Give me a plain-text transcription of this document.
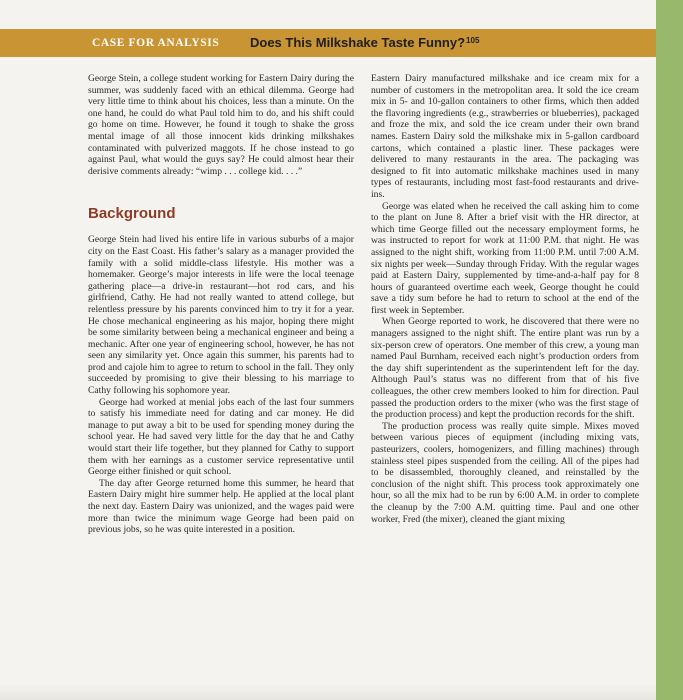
CASE FOR ANALYSIS Does This Milkshake Taste Funny?$^{105}$

George Stein, a college student working for Eastern Dairy during the summer, was suddenly faced with an ethical dilemma. George had very little time to think about his choices, less than a minute. On the one hand, he could do what Paul told him to do, and his shift could go home on time. However, he found it tough to shake the gross mental image of all those innocent kids drinking milkshakes contaminated with pulverized maggots. If he chose instead to go against Paul, what would the guys say? He could almost hear their derisive comments already: “wimp . . . college kid. . . .”

Background

George Stein had lived his entire life in various suburbs of a major city on the East Coast. His father’s salary as a manager provided the family with a solid middle-class lifestyle. His mother was a homemaker. George’s major interests in life were the local teenage gathering place—a drive-in restaurant—hot rod cars, and his girlfriend, Cathy. He had not really wanted to attend college, but relentless pressure by his parents convinced him to try it for a year. He chose mechanical engineering as his major, hoping there might be some similarity between being a mechanical engineer and being a mechanic. After one year of engineering school, however, he has not seen any similarity yet. Once again this summer, his parents had to prod and cajole him to agree to return to school in the fall. They only succeeded by promising to give their blessing to his marriage to Cathy following his sophomore year.

George had worked at menial jobs each of the last four summers to satisfy his immediate need for dating and car money. He did manage to put away a bit to be used for spending money during the school year. He had saved very little for the day that he and Cathy would start their life together, but they planned for Cathy to support them with her earnings as a customer service representative until George either finished or quit school.

The day after George returned home this summer, he heard that Eastern Dairy might hire summer help. He applied at the local plant the next day. Eastern Dairy was unionized, and the wages paid were more than twice the minimum wage George had been paid on previous jobs, so he was quite interested in a position.

Eastern Dairy manufactured milkshake and ice cream mix for a number of customers in the metropolitan area. It sold the ice cream mix in 5- and 10-gallon containers to other firms, which then added the flavoring ingredients (e.g., strawberries or blueberries), packaged and froze the mix, and sold the ice cream under their own brand names. Eastern Dairy sold the milkshake mix in 5-gallon cardboard cartons, which contained a plastic liner. These packages were delivered to many restaurants in the area. The packaging was designed to fit into automatic milkshake machines used in many types of restaurants, including most fast-food restaurants and drive-ins.

George was elated when he received the call asking him to come to the plant on June 8. After a brief visit with the HR director, at which time George filled out the necessary employment forms, he was instructed to report for work at 11:00 P.M. that night. He was assigned to the night shift, working from 11:00 P.M. until 7:00 A.M. six nights per week—Sunday through Friday. With the regular wages paid at Eastern Dairy, supplemented by time-and-a-half pay for 8 hours of guaranteed overtime each week, George thought he could save a tidy sum before he had to return to school at the end of the first week in September.

When George reported to work, he discovered that there were no managers assigned to the night shift. The entire plant was run by a six-person crew of operators. One member of this crew, a young man named Paul Burnham, received each night’s production orders from the day shift superintendent as the superintendent left for the day. Although Paul’s status was no different from that of his five colleagues, the other crew members looked to him for direction. Paul passed the production orders to the mixer (who was the first stage of the production process) and kept the production records for the shift.

The production process was really quite simple. Mixes moved between various pieces of equipment (including mixing vats, pasteurizers, coolers, homogenizers, and filling machines) through stainless steel pipes suspended from the ceiling. All of the pipes had to be disassembled, thoroughly cleaned, and reinstalled by the conclusion of the night shift. This process took approximately one hour, so all the mix had to be run by 6:00 A.M. in order to complete the cleanup by the 7:00 A.M. quitting time. Paul and one other worker, Fred (the mixer), cleaned the giant mixing
